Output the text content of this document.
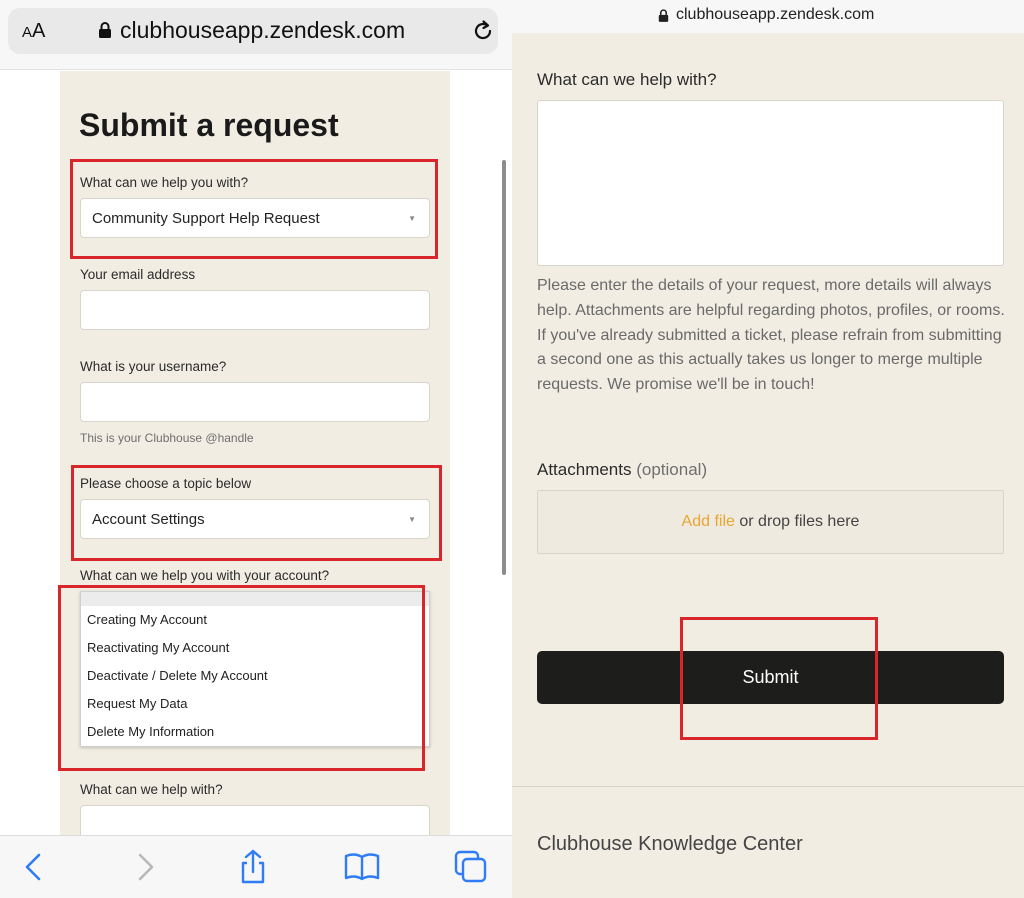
AA	clubhouseapp.zendesk.com
Submit a request
What can we help you with?
Community Support Help Request	▼
Your email address
What is your username?
This is your Clubhouse @handle
Please choose a topic below
Account Settings	▼
What can we help you with your account?
Creating My Account
Reactivating My Account
Deactivate / Delete My Account
Request My Data
Delete My Information
What can we help with?
clubhouseapp.zendesk.com
What can we help with?
Please enter the details of your request, more details will always help. Attachments are helpful regarding photos, profiles, or rooms. If you've already submitted a ticket, please refrain from submitting a second one as this actually takes us longer to merge multiple requests. We promise we'll be in touch!
Attachments (optional)
Add file or drop files here
Submit
Clubhouse Knowledge Center
